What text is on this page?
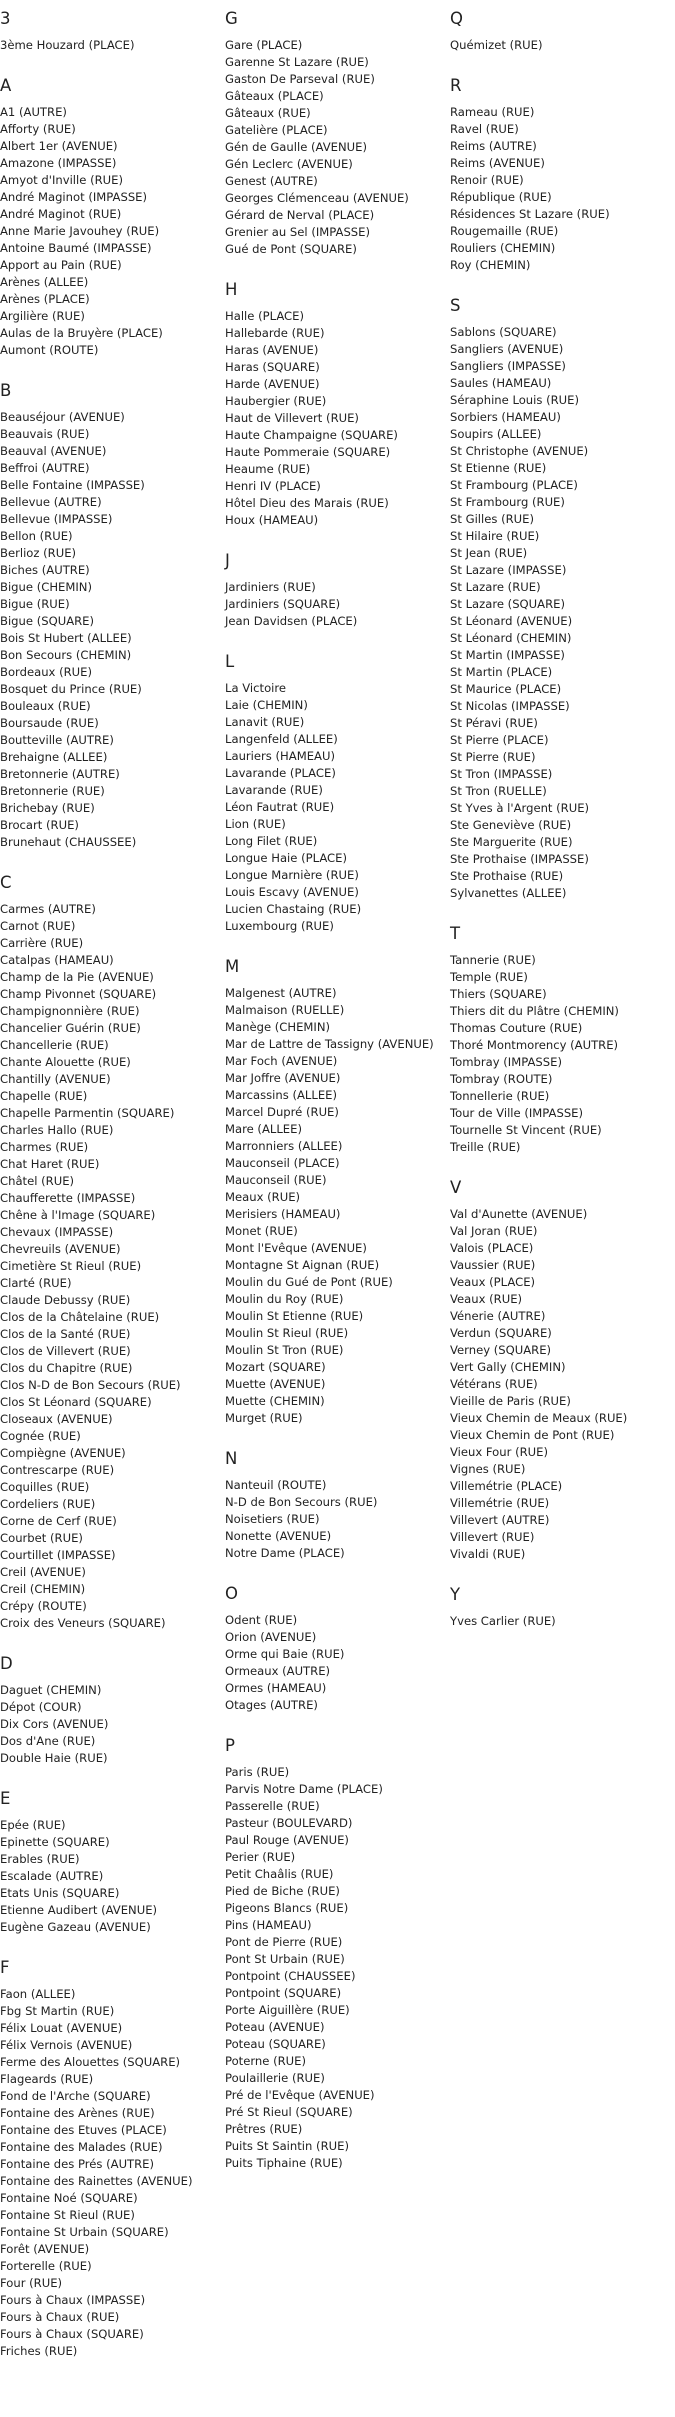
3
3ème Houzard (PLACE)
A
A1 (AUTRE)
Afforty (RUE)
Albert 1er (AVENUE)
Amazone (IMPASSE)
Amyot d'Inville (RUE)
André Maginot (IMPASSE)
André Maginot (RUE)
Anne Marie Javouhey (RUE)
Antoine Baumé (IMPASSE)
Apport au Pain (RUE)
Arènes (ALLEE)
Arènes (PLACE)
Argilière (RUE)
Aulas de la Bruyère (PLACE)
Aumont (ROUTE)
B
Beauséjour (AVENUE)
Beauvais (RUE)
Beauval (AVENUE)
Beffroi (AUTRE)
Belle Fontaine (IMPASSE)
Bellevue (AUTRE)
Bellevue (IMPASSE)
Bellon (RUE)
Berlioz (RUE)
Biches (AUTRE)
Bigue (CHEMIN)
Bigue (RUE)
Bigue (SQUARE)
Bois St Hubert (ALLEE)
Bon Secours (CHEMIN)
Bordeaux (RUE)
Bosquet du Prince (RUE)
Bouleaux (RUE)
Boursaude (RUE)
Boutteville (AUTRE)
Brehaigne (ALLEE)
Bretonnerie (AUTRE)
Bretonnerie (RUE)
Brichebay (RUE)
Brocart (RUE)
Brunehaut (CHAUSSEE)
C
Carmes (AUTRE)
Carnot (RUE)
Carrière (RUE)
Catalpas (HAMEAU)
Champ de la Pie (AVENUE)
Champ Pivonnet (SQUARE)
Champignonnière (RUE)
Chancelier Guérin (RUE)
Chancellerie (RUE)
Chante Alouette (RUE)
Chantilly (AVENUE)
Chapelle (RUE)
Chapelle Parmentin (SQUARE)
Charles Hallo (RUE)
Charmes (RUE)
Chat Haret (RUE)
Châtel (RUE)
Chaufferette (IMPASSE)
Chêne à l'Image (SQUARE)
Chevaux (IMPASSE)
Chevreuils (AVENUE)
Cimetière St Rieul (RUE)
Clarté (RUE)
Claude Debussy (RUE)
Clos de la Châtelaine (RUE)
Clos de la Santé (RUE)
Clos de Villevert (RUE)
Clos du Chapitre (RUE)
Clos N-D de Bon Secours (RUE)
Clos St Léonard (SQUARE)
Closeaux (AVENUE)
Cognée (RUE)
Compiègne (AVENUE)
Contrescarpe (RUE)
Coquilles (RUE)
Cordeliers (RUE)
Corne de Cerf (RUE)
Courbet (RUE)
Courtillet (IMPASSE)
Creil (AVENUE)
Creil (CHEMIN)
Crépy (ROUTE)
Croix des Veneurs (SQUARE)
D
Daguet (CHEMIN)
Dépot (COUR)
Dix Cors (AVENUE)
Dos d'Ane (RUE)
Double Haie (RUE)
E
Epée (RUE)
Epinette (SQUARE)
Erables (RUE)
Escalade (AUTRE)
Etats Unis (SQUARE)
Etienne Audibert (AVENUE)
Eugène Gazeau (AVENUE)
F
Faon (ALLEE)
Fbg St Martin (RUE)
Félix Louat (AVENUE)
Félix Vernois (AVENUE)
Ferme des Alouettes (SQUARE)
Flageards (RUE)
Fond de l'Arche (SQUARE)
Fontaine des Arènes (RUE)
Fontaine des Etuves (PLACE)
Fontaine des Malades (RUE)
Fontaine des Prés (AUTRE)
Fontaine des Rainettes (AVENUE)
Fontaine Noé (SQUARE)
Fontaine St Rieul (RUE)
Fontaine St Urbain (SQUARE)
Forêt (AVENUE)
Forterelle (RUE)
Four (RUE)
Fours à Chaux (IMPASSE)
Fours à Chaux (RUE)
Fours à Chaux (SQUARE)
Friches (RUE)
G
Gare (PLACE)
Garenne St Lazare (RUE)
Gaston De Parseval (RUE)
Gâteaux (PLACE)
Gâteaux (RUE)
Gatelière (PLACE)
Gén de Gaulle (AVENUE)
Gén Leclerc (AVENUE)
Genest (AUTRE)
Georges Clémenceau (AVENUE)
Gérard de Nerval (PLACE)
Grenier au Sel (IMPASSE)
Gué de Pont (SQUARE)
H
Halle (PLACE)
Hallebarde (RUE)
Haras (AVENUE)
Haras (SQUARE)
Harde (AVENUE)
Haubergier (RUE)
Haut de Villevert (RUE)
Haute Champaigne (SQUARE)
Haute Pommeraie (SQUARE)
Heaume (RUE)
Henri IV (PLACE)
Hôtel Dieu des Marais (RUE)
Houx (HAMEAU)
J
Jardiniers (RUE)
Jardiniers (SQUARE)
Jean Davidsen (PLACE)
L
La Victoire
Laie (CHEMIN)
Lanavit (RUE)
Langenfeld (ALLEE)
Lauriers (HAMEAU)
Lavarande (PLACE)
Lavarande (RUE)
Léon Fautrat (RUE)
Lion (RUE)
Long Filet (RUE)
Longue Haie (PLACE)
Longue Marnière (RUE)
Louis Escavy (AVENUE)
Lucien Chastaing (RUE)
Luxembourg (RUE)
M
Malgenest (AUTRE)
Malmaison (RUELLE)
Manège (CHEMIN)
Mar de Lattre de Tassigny (AVENUE)
Mar Foch (AVENUE)
Mar Joffre (AVENUE)
Marcassins (ALLEE)
Marcel Dupré (RUE)
Mare (ALLEE)
Marronniers (ALLEE)
Mauconseil (PLACE)
Mauconseil (RUE)
Meaux (RUE)
Merisiers (HAMEAU)
Monet (RUE)
Mont l'Evêque (AVENUE)
Montagne St Aignan (RUE)
Moulin du Gué de Pont (RUE)
Moulin du Roy (RUE)
Moulin St Etienne (RUE)
Moulin St Rieul (RUE)
Moulin St Tron (RUE)
Mozart (SQUARE)
Muette (AVENUE)
Muette (CHEMIN)
Murget (RUE)
N
Nanteuil (ROUTE)
N-D de Bon Secours (RUE)
Noisetiers (RUE)
Nonette (AVENUE)
Notre Dame (PLACE)
O
Odent (RUE)
Orion (AVENUE)
Orme qui Baie (RUE)
Ormeaux (AUTRE)
Ormes (HAMEAU)
Otages (AUTRE)
P
Paris (RUE)
Parvis Notre Dame (PLACE)
Passerelle (RUE)
Pasteur (BOULEVARD)
Paul Rouge (AVENUE)
Perier (RUE)
Petit Chaâlis (RUE)
Pied de Biche (RUE)
Pigeons Blancs (RUE)
Pins (HAMEAU)
Pont de Pierre (RUE)
Pont St Urbain (RUE)
Pontpoint (CHAUSSEE)
Pontpoint (SQUARE)
Porte Aiguillère (RUE)
Poteau (AVENUE)
Poteau (SQUARE)
Poterne (RUE)
Poulaillerie (RUE)
Pré de l'Evêque (AVENUE)
Pré St Rieul (SQUARE)
Prêtres (RUE)
Puits St Saintin (RUE)
Puits Tiphaine (RUE)
Q
Quémizet (RUE)
R
Rameau (RUE)
Ravel (RUE)
Reims (AUTRE)
Reims (AVENUE)
Renoir (RUE)
République (RUE)
Résidences St Lazare (RUE)
Rougemaille (RUE)
Rouliers (CHEMIN)
Roy (CHEMIN)
S
Sablons (SQUARE)
Sangliers (AVENUE)
Sangliers (IMPASSE)
Saules (HAMEAU)
Séraphine Louis (RUE)
Sorbiers (HAMEAU)
Soupirs (ALLEE)
St Christophe (AVENUE)
St Etienne (RUE)
St Frambourg (PLACE)
St Frambourg (RUE)
St Gilles (RUE)
St Hilaire (RUE)
St Jean (RUE)
St Lazare (IMPASSE)
St Lazare (RUE)
St Lazare (SQUARE)
St Léonard (AVENUE)
St Léonard (CHEMIN)
St Martin (IMPASSE)
St Martin (PLACE)
St Maurice (PLACE)
St Nicolas (IMPASSE)
St Péravi (RUE)
St Pierre (PLACE)
St Pierre (RUE)
St Tron (IMPASSE)
St Tron (RUELLE)
St Yves à l'Argent (RUE)
Ste Geneviève (RUE)
Ste Marguerite (RUE)
Ste Prothaise (IMPASSE)
Ste Prothaise (RUE)
Sylvanettes (ALLEE)
T
Tannerie (RUE)
Temple (RUE)
Thiers (SQUARE)
Thiers dit du Plâtre (CHEMIN)
Thomas Couture (RUE)
Thoré Montmorency (AUTRE)
Tombray (IMPASSE)
Tombray (ROUTE)
Tonnellerie (RUE)
Tour de Ville (IMPASSE)
Tournelle St Vincent (RUE)
Treille (RUE)
V
Val d'Aunette (AVENUE)
Val Joran (RUE)
Valois (PLACE)
Vaussier (RUE)
Veaux (PLACE)
Veaux (RUE)
Vénerie (AUTRE)
Verdun (SQUARE)
Verney (SQUARE)
Vert Gally (CHEMIN)
Vétérans (RUE)
Vieille de Paris (RUE)
Vieux Chemin de Meaux (RUE)
Vieux Chemin de Pont (RUE)
Vieux Four (RUE)
Vignes (RUE)
Villemétrie (PLACE)
Villemétrie (RUE)
Villevert (AUTRE)
Villevert (RUE)
Vivaldi (RUE)
Y
Yves Carlier (RUE)
